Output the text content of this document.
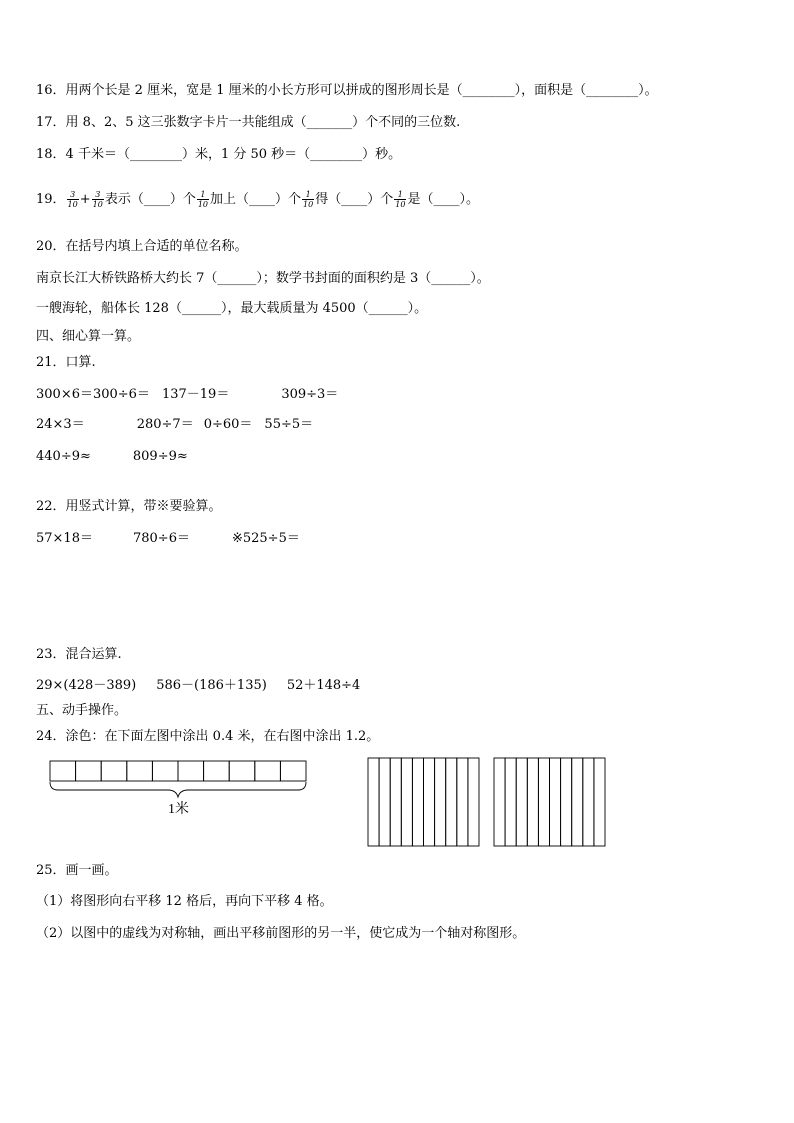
16．用两个长是 2 厘米，宽是 1 厘米的小长方形可以拼成的图形周长是（________），面积是（________）。
17．用 8、2、5 这三张数字卡片一共能组成（_______）个不同的三位数.
18．4 千米＝（________）米，1 分 50 秒＝（________）秒。
19． $\frac{3}{10} + \frac{3}{10}$ 表示（____）个 $\frac{1}{10}$ 加上（____）个 $\frac{1}{10}$ 得（____）个 $\frac{1}{10}$ 是（____）。
20．在括号内填上合适的单位名称。
南京长江大桥铁路桥大约长 7（______）；数学书封面的面积约是 3（______）。
一艘海轮，船体长 128（______），最大载质量为 4500（______）。
四、细心算一算。
21．口算.
300×6＝300÷6＝ 137－19＝	309÷3＝
24×3＝	280÷7＝ 0÷60＝ 55÷5＝
440÷9≈	809÷9≈
22．用竖式计算，带※要验算。
57×18＝	780÷6＝	※525÷5＝
23．混合运算.
29×(428－389) 586－(186＋135) 52＋148÷4
五、动手操作。
24．涂色：在下面左图中涂出 0.4 米，在右图中涂出 1.2。
1米
25．画一画。
（1）将图形向右平移 12 格后，再向下平移 4 格。
（2）以图中的虚线为对称轴，画出平移前图形的另一半，使它成为一个轴对称图形。
